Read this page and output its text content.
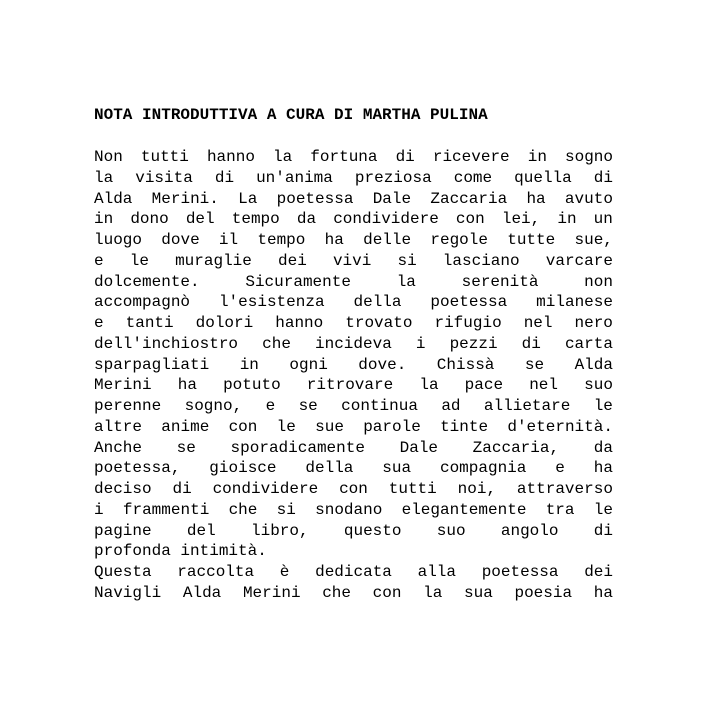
NOTA INTRODUTTIVA A CURA DI MARTHA PULINA
Non tutti hanno la fortuna di ricevere in sogno
la visita di un'anima preziosa come quella di
Alda Merini. La poetessa Dale Zaccaria ha avuto
in dono del tempo da condividere con lei, in un
luogo dove il tempo ha delle regole tutte sue,
e le muraglie dei vivi si lasciano varcare
dolcemente.	Sicuramente	la	serenità	non
accompagnò l'esistenza della poetessa milanese
e tanti dolori hanno trovato rifugio nel nero
dell'inchiostro che incideva i pezzi di carta
sparpagliati in ogni dove. Chissà se Alda
Merini ha potuto ritrovare la pace nel suo
perenne sogno, e se continua ad allietare le
altre anime con le sue parole tinte d'eternità.
Anche se sporadicamente Dale Zaccaria, da
poetessa, gioisce della sua compagnia e ha
deciso di condividere con tutti noi, attraverso
i frammenti che si snodano elegantemente tra le
pagine del libro, questo suo angolo di
profonda intimità.
Questa raccolta è dedicata alla poetessa dei
Navigli Alda Merini che con la sua poesia ha
